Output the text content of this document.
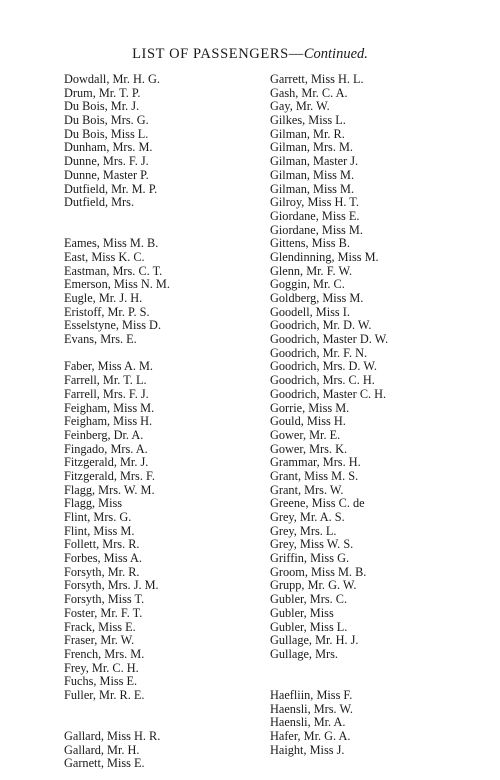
LIST OF PASSENGERS—Continued.
Dowdall, Mr. H. G.
Drum, Mr. T. P.
Du Bois, Mr. J.
Du Bois, Mrs. G.
Du Bois, Miss L.
Dunham, Mrs. M.
Dunne, Mrs. F. J.
Dunne, Master P.
Dutfield, Mr. M. P.
Dutfield, Mrs.
Eames, Miss M. B.
East, Miss K. C.
Eastman, Mrs. C. T.
Emerson, Miss N. M.
Eugle, Mr. J. H.
Eristoff, Mr. P. S.
Esselstyne, Miss D.
Evans, Mrs. E.
Faber, Miss A. M.
Farrell, Mr. T. L.
Farrell, Mrs. F. J.
Feigham, Miss M.
Feigham, Miss H.
Feinberg, Dr. A.
Fingado, Mrs. A.
Fitzgerald, Mr. J.
Fitzgerald, Mrs. F.
Flagg, Mrs. W. M.
Flagg, Miss
Flint, Mrs. G.
Flint, Miss M.
Follett, Mrs. R.
Forbes, Miss A.
Forsyth, Mr. R.
Forsyth, Mrs. J. M.
Forsyth, Miss T.
Foster, Mr. F. T.
Frack, Miss E.
Fraser, Mr. W.
French, Mrs. M.
Frey, Mr. C. H.
Fuchs, Miss E.
Fuller, Mr. R. E.
Gallard, Miss H. R.
Gallard, Mr. H.
Garnett, Miss E.
Garrett, Miss H. L.
Gash, Mr. C. A.
Gay, Mr. W.
Gilkes, Miss L.
Gilman, Mr. R.
Gilman, Mrs. M.
Gilman, Master J.
Gilman, Miss M.
Gilman, Miss M.
Gilroy, Miss H. T.
Giordane, Miss E.
Giordane, Miss M.
Gittens, Miss B.
Glendinning, Miss M.
Glenn, Mr. F. W.
Goggin, Mr. C.
Goldberg, Miss M.
Goodell, Miss I.
Goodrich, Mr. D. W.
Goodrich, Master D. W.
Goodrich, Mr. F. N.
Goodrich, Mrs. D. W.
Goodrich, Mrs. C. H.
Goodrich, Master C. H.
Gorrie, Miss M.
Gould, Miss H.
Gower, Mr. E.
Gower, Mrs. K.
Grammar, Mrs. H.
Grant, Miss M. S.
Grant, Mrs. W.
Greene, Miss C. de
Grey, Mr. A. S.
Grey, Mrs. L.
Grey, Miss W. S.
Griffin, Miss G.
Groom, Miss M. B.
Grupp, Mr. G. W.
Gubler, Mrs. C.
Gubler, Miss
Gubler, Miss L.
Gullage, Mr. H. J.
Gullage, Mrs.
Haefliin, Miss F.
Haensli, Mrs. W.
Haensli, Mr. A.
Hafer, Mr. G. A.
Haight, Miss J.
